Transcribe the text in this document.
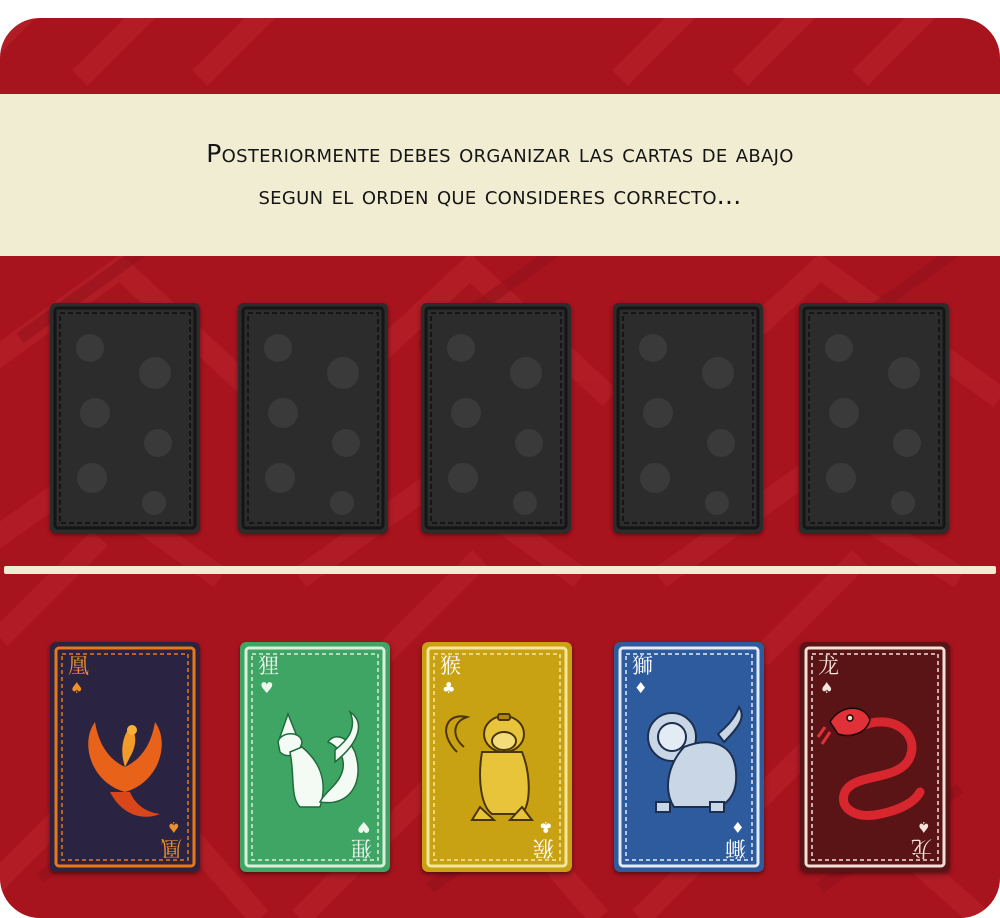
Posteriormente debes organizar las cartas de abajo
segun el orden que consideres correcto...
凰
♠
♠
凰
狸
♥
♥
狸
猴
♣
♣
猴
獅
♦
♦
獅
龙
♠
♠
龙
